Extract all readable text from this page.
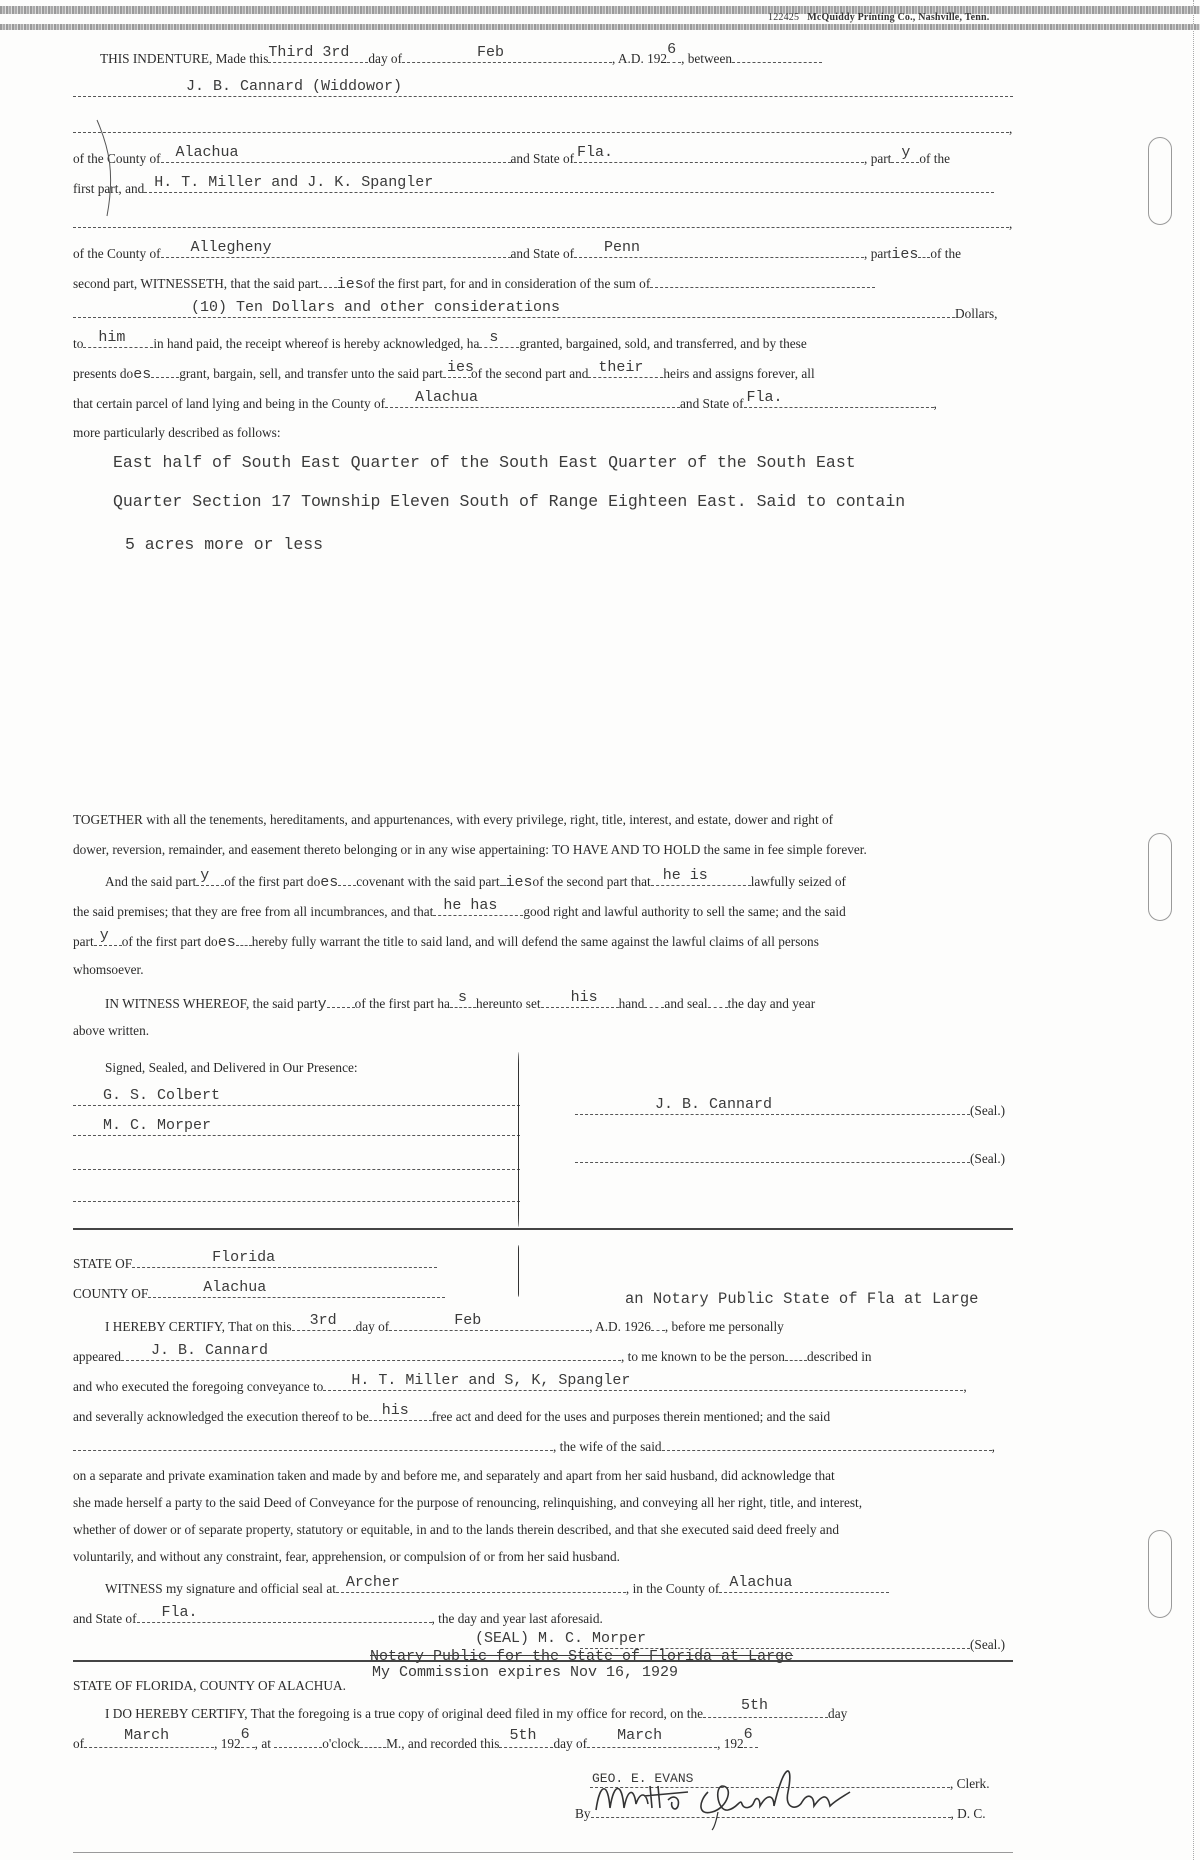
122425 McQuiddy Printing Co., Nashville, Tenn.
THIS INDENTURE, Made this Third 3rd day of	Feb	, A.D. 192
6
, between
J. B. Cannard (Widdowor)
,
of the County of Alachua	and State of Fla.	, part y of the
first part, and H. T. Miller and J. K. Spangler
,
of the County of Allegheny	and State of Penn	, parties of the
second part, WITNESSETH, that the said part iesof the first part, for and in consideration of the sum of
(10) Ten Dollars and other considerations	Dollars,
to him in hand paid, the receipt whereof is hereby acknowledged, ha s granted, bargained, sold, and transferred, and by these
presents does grant, bargain, sell, and transfer unto the said part ies
of the second part and their heirs and assigns forever, all
that certain parcel of land lying and being in the County of Alachua	and State of Fla.	,
more particularly described as follows:
East half of South East Quarter of the South East Quarter of the South East
Quarter Section 17 Township Eleven South of Range Eighteen East. Said to contain
5 acres more or less
TOGETHER with all the tenements, hereditaments, and appurtenances, with every privilege, right, title, interest, and estate, dower and right of
dower, reversion, remainder, and easement thereto belonging or in any wise appertaining: TO HAVE AND TO HOLD the same in fee simple forever.
And the said part y of the first part does covenant with the said part iesof the second part that he is	lawfully seized of
the said premises; that they are free from all incumbrances, and that he has good right and lawful authority to sell the same; and the said
part y of the first part does hereby fully warrant the title to said land, and will defend the same against the lawful claims of all persons
whomsoever.
IN WITNESS WHEREOF, the said party of the first part ha s hereunto set his hand and seal the day and year
above written.
Signed, Sealed, and Delivered in Our Presence:
G. S. Colbert
M. C. Morper
J. B. Cannard	(Seal.)
(Seal.)
STATE OF	Florida
COUNTY OF	Alachua
an Notary Public State of Fla at Large
I HEREBY CERTIFY, That on this 3rd day of	Feb	, A.D. 1926 , before me personally
appeared J. B. Cannard	, to me known to be the person described in
and who executed the foregoing conveyance to H. T. Miller and S, K, Spangler	,
and severally acknowledged the execution thereof to be his free act and deed for the uses and purposes therein mentioned; and the said
, the wife of the said	,
on a separate and private examination taken and made by and before me, and separately and apart from her said husband, did acknowledge that
she made herself a party to the said Deed of Conveyance for the purpose of renouncing, relinquishing, and conveying all her right, title, and interest,
whether of dower or of separate property, statutory or equitable, in and to the lands therein described, and that she executed said deed freely and
voluntarily, and without any constraint, fear, apprehension, or compulsion of or from her said husband.
WITNESS my signature and official seal at Archer	, in the County of Alachua
and State of Fla.	, the day and year last aforesaid.
(SEAL) M. C. Morper	(Seal.)
Notary Public for the State of Florida at Large
My Commission expires Nov 16, 1929
STATE OF FLORIDA, COUNTY OF ALACHUA.
I DO HEREBY CERTIFY, That the foregoing is a true copy of original deed filed in my office for record, on the	5th	day
of	March	, 192
6
, at	o'clock M., and recorded this 5th day of March	, 192
6
GEO. E. EVANS	, Clerk.
By	, D. C.
